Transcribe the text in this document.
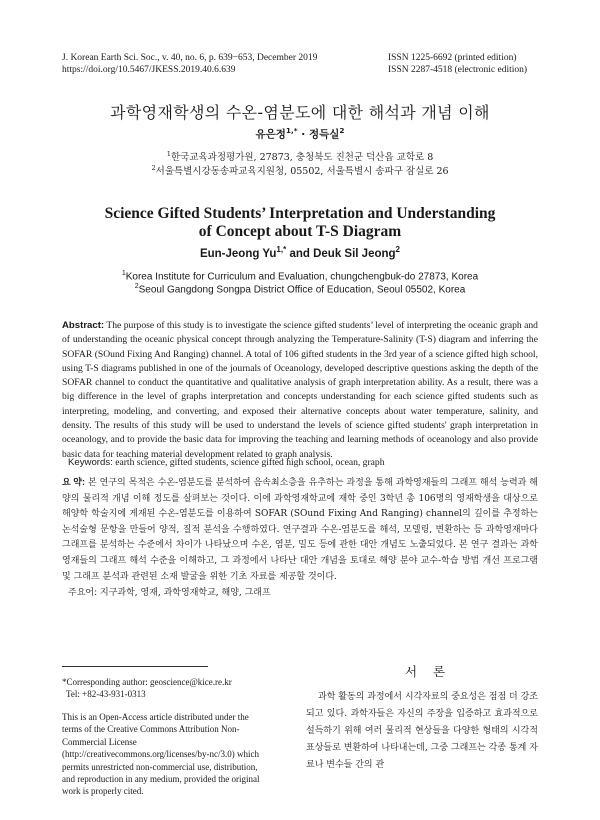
J. Korean Earth Sci. Soc., v. 40, no. 6, p. 639−653, December 2019
https://doi.org/10.5467/JKESS.2019.40.6.639
ISSN 1225-6692 (printed edition)
ISSN 2287-4518 (electronic edition)
과학영재학생의 수온-염분도에 대한 해석과 개념 이해
유은정$^{1,*}$ · 정득실$^2$
$^1$한국교육과정평가원, 27873, 충청북도 진천군 덕산읍 교학로 8
$^2$서울특별시강동송파교육지원청, 05502, 서울특별시 송파구 잠실로 26
Science Gifted Students’ Interpretation and Understanding
of Concept about T-S Diagram
Eun-Jeong $Yu^{1,*}$ and Deuk Sil Jeong$^2$
$^1$Korea Institute for Curriculum and Evaluation, chungchengbuk-do 27873, Korea
$^2$Seoul Gangdong Songpa District Office of Education, Seoul 05502, Korea
Abstract: The purpose of this study is to investigate the science gifted students’ level of interpreting the oceanic graph and of understanding the oceanic physical concept through analyzing the Temperature-Salinity (T-S) diagram and inferring the SOFAR (SOund Fixing And Ranging) channel. A total of 106 gifted students in the 3rd year of a science gifted high school, using T-S diagrams published in one of the journals of Oceanology, developed descriptive questions asking the depth of the SOFAR channel to conduct the quantitative and qualitative analysis of graph interpretation ability. As a result, there was a big difference in the level of graphs interpretation and concepts understanding for each science gifted students such as interpreting, modeling, and converting, and exposed their alternative concepts about water temperature, salinity, and density. The results of this study will be used to understand the levels of science gifted students' graph interpretation in oceanology, and to provide the basic data for improving the teaching and learning methods of oceanology and also provide basic data for teaching material development related to graph analysis.
Keywords: earth science, gifted students, science gifted high school, ocean, graph
요 약: 본 연구의 목적은 수온-염분도를 분석하여 음속최소층을 유추하는 과정을 통해 과학영재들의 그래프 해석 능력과 해양의 물리적 개념 이해 정도를 살펴보는 것이다. 이에 과학영재학교에 재학 중인 3학년 총 106명의 영재학생을 대상으로 해양학 학술지에 게재된 수온-염분도를 이용하여 SOFAR (SOund Fixing And Ranging) channel의 깊이를 추정하는 논석술형 문항을 만들어 양적, 질적 분석을 수행하였다. 연구결과 수온-염분도를 해석, 모델링, 변환하는 등 과학영재마다 그래프를 분석하는 수준에서 차이가 나타났으며 수온, 염분, 밀도 등에 관한 대안 개념도 노출되었다. 본 연구 결과는 과학영재들의 그래프 해석 수준을 이해하고, 그 과정에서 나타난 대안 개념을 토대로 해양 분야 교수-학습 방법 개선 프로그램 및 그래프 분석과 관련된 소재 발굴을 위한 기초 자료를 제공할 것이다.
주요어: 지구과학, 영재, 과학영재학교, 해양, 그래프
*Corresponding author: geoscience@kice.re.kr
Tel: +82-43-931-0313
This is an Open-Access article distributed under the terms of the Creative Commons Attribution Non-Commercial License (http://creativecommons.org/licenses/by-nc/3.0) which permits unrestricted non-commercial use, distribution, and reproduction in any medium, provided the original work is properly cited.
서 론
과학 활동의 과정에서 시각자료의 중요성은 점점 더 강조되고 있다. 과학자들은 자신의 주장을 입증하고 효과적으로 설득하기 위해 여러 물리적 현상들을 다양한 형태의 시각적 표상들로 변환하여 나타내는데, 그중 그래프는 각종 통계 자료나 변수들 간의 관
